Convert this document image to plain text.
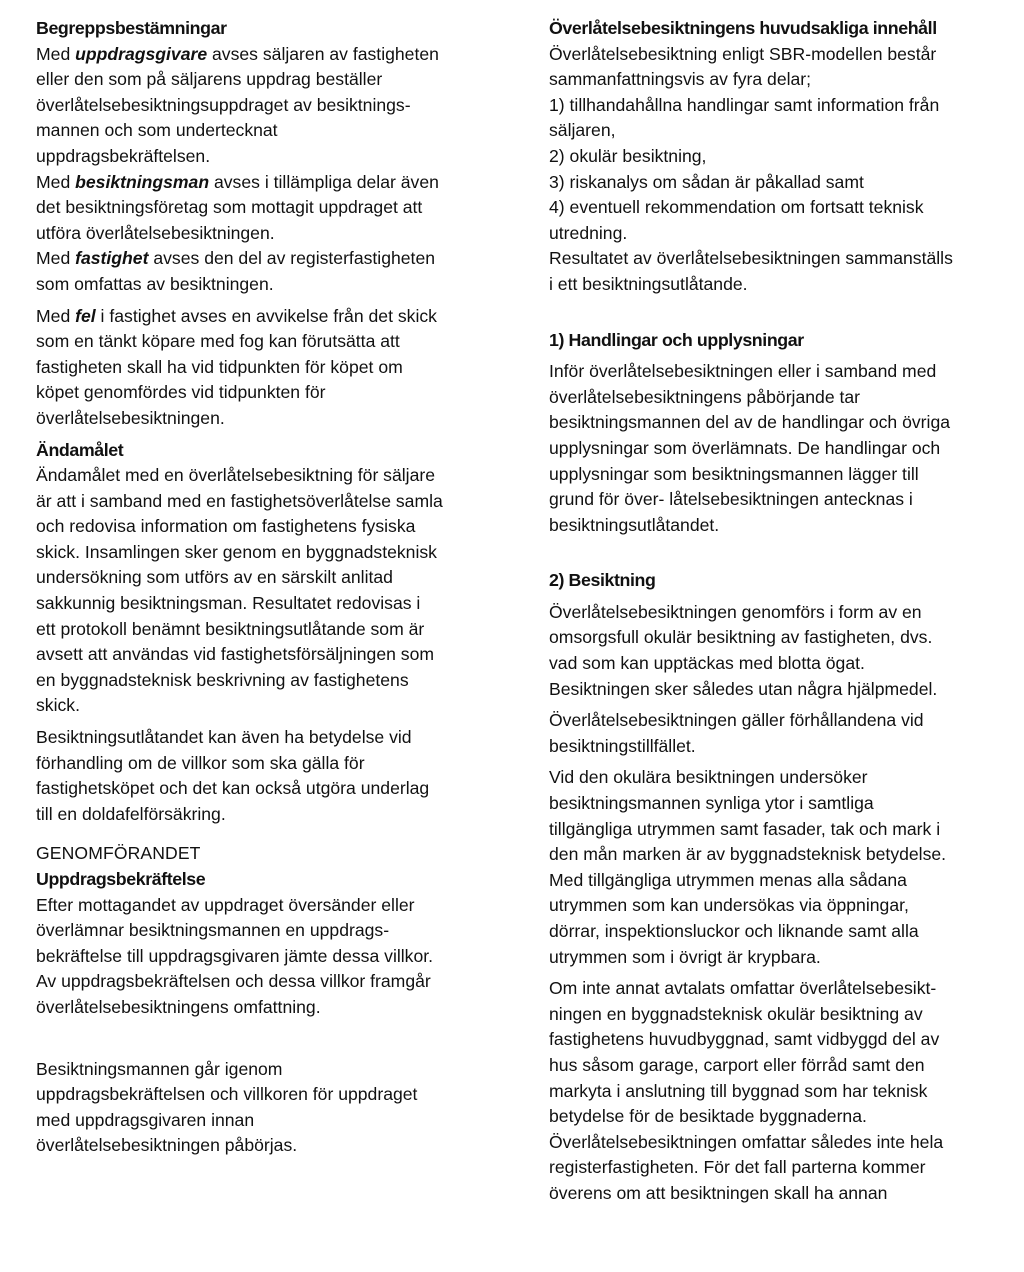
Begreppsbestämningar
Med uppdragsgivare avses säljaren av fastigheten
eller den som på säljarens uppdrag beställer
överlåtelsebesiktningsuppdraget av besiktnings-
mannen och som undertecknat
uppdragsbekräftelsen.
Med besiktningsman avses i tillämpliga delar även
det besiktningsföretag som mottagit uppdraget att
utföra överlåtelsebesiktningen.
Med fastighet avses den del av registerfastigheten
som omfattas av besiktningen.
Med fel i fastighet avses en avvikelse från det skick
som en tänkt köpare med fog kan förutsätta att
fastigheten skall ha vid tidpunkten för köpet om
köpet genomfördes vid tidpunkten för
överlåtelsebesiktningen.
Ändamålet
Ändamålet med en överlåtelsebesiktning för säljare
är att i samband med en fastighetsöverlåtelse samla
och redovisa information om fastighetens fysiska
skick. Insamlingen sker genom en byggnadsteknisk
undersökning som utförs av en särskilt anlitad
sakkunnig besiktningsman. Resultatet redovisas i
ett protokoll benämnt besiktningsutlåtande som är
avsett att användas vid fastighetsförsäljningen som
en byggnadsteknisk beskrivning av fastighetens
skick.
Besiktningsutlåtandet kan även ha betydelse vid
förhandling om de villkor som ska gälla för
fastighetsköpet och det kan också utgöra underlag
till en doldafelförsäkring.
GENOMFÖRANDET
Uppdragsbekräftelse
Efter mottagandet av uppdraget översänder eller
överlämnar besiktningsmannen en uppdrags-
bekräftelse till uppdragsgivaren jämte dessa villkor.
Av uppdragsbekräftelsen och dessa villkor framgår
överlåtelsebesiktningens omfattning.
Besiktningsmannen går igenom
uppdragsbekräftelsen och villkoren för uppdraget
med uppdragsgivaren innan
överlåtelsebesiktningen påbörjas.
Överlåtelsebesiktningens huvudsakliga innehåll
Överlåtelsebesiktning enligt SBR-modellen består
sammanfattningsvis av fyra delar;
1) tillhandahållna handlingar samt information från
säljaren,
2) okulär besiktning,
3) riskanalys om sådan är påkallad samt
4) eventuell rekommendation om fortsatt teknisk
utredning.
Resultatet av överlåtelsebesiktningen sammanställs
i ett besiktningsutlåtande.
1) Handlingar och upplysningar
Inför överlåtelsebesiktningen eller i samband med
överlåtelsebesiktningens påbörjande tar
besiktningsmannen del av de handlingar och övriga
upplysningar som överlämnats. De handlingar och
upplysningar som besiktningsmannen lägger till
grund för över- låtelsebesiktningen antecknas i
besiktningsutlåtandet.
2) Besiktning
Överlåtelsebesiktningen genomförs i form av en
omsorgsfull okulär besiktning av fastigheten, dvs.
vad som kan upptäckas med blotta ögat.
Besiktningen sker således utan några hjälpmedel.
Överlåtelsebesiktningen gäller förhållandena vid
besiktningstillfället.
Vid den okulära besiktningen undersöker
besiktningsmannen synliga ytor i samtliga
tillgängliga utrymmen samt fasader, tak och mark i
den mån marken är av byggnadsteknisk betydelse.
Med tillgängliga utrymmen menas alla sådana
utrymmen som kan undersökas via öppningar,
dörrar, inspektionsluckor och liknande samt alla
utrymmen som i övrigt är krypbara.
Om inte annat avtalats omfattar överlåtelsebesikt-
ningen en byggnadsteknisk okulär besiktning av
fastighetens huvudbyggnad, samt vidbyggd del av
hus såsom garage, carport eller förråd samt den
markyta i anslutning till byggnad som har teknisk
betydelse för de besiktade byggnaderna.
Överlåtelsebesiktningen omfattar således inte hela
registerfastigheten. För det fall parterna kommer
överens om att besiktningen skall ha annan
